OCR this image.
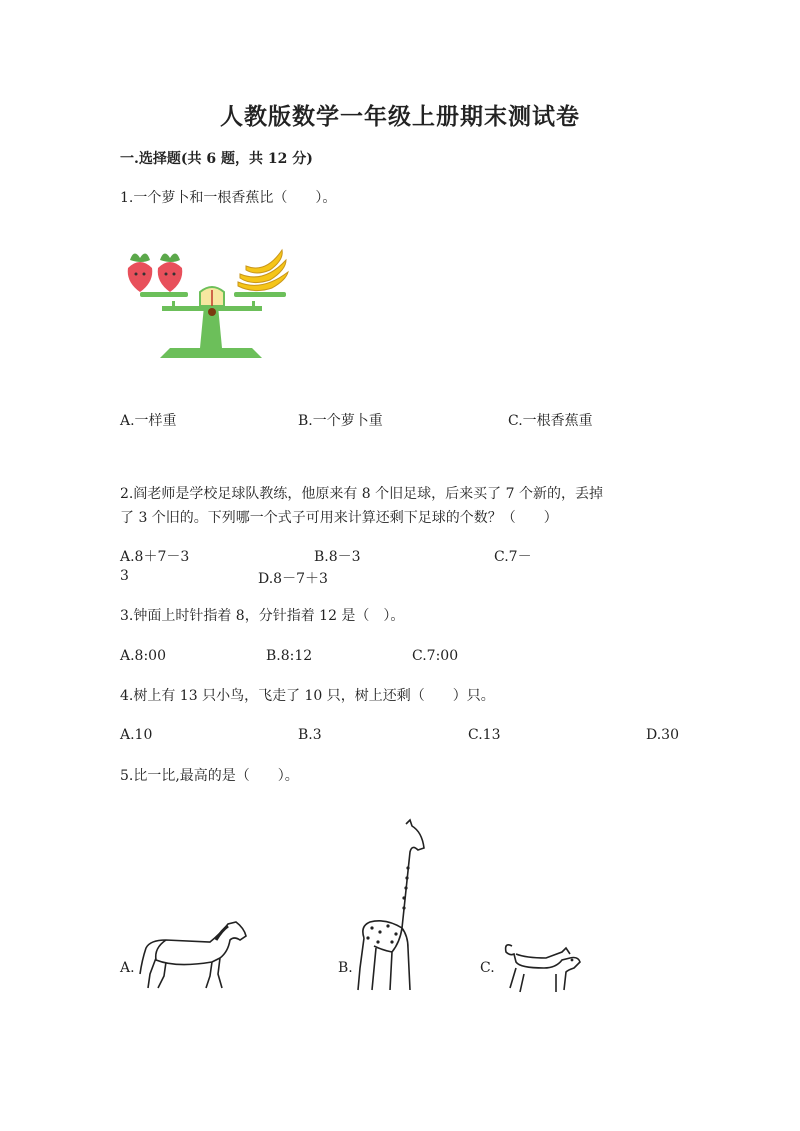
人教版数学一年级上册期末测试卷
一.选择题(共 6 题，共 12 分)
1.一个萝卜和一根香蕉比（　　）。
A.一样重	B.一个萝卜重	C.一根香蕉重
2.阎老师是学校足球队教练，他原来有 8 个旧足球，后来买了 7 个新的，丢掉
了 3 个旧的。下列哪一个式子可用来计算还剩下足球的个数？（　　）
A.8＋7－3	B.8－3	C.7－
3	D.8－7＋3
3.钟面上时针指着 8，分针指着 12 是（　）。
A.8:00	B.8:12	C.7:00
4.树上有 13 只小鸟，飞走了 10 只，树上还剩（　　）只。
A.10	B.3	C.13	D.30
5.比一比,最高的是（　　）。
A.	B.	C.
